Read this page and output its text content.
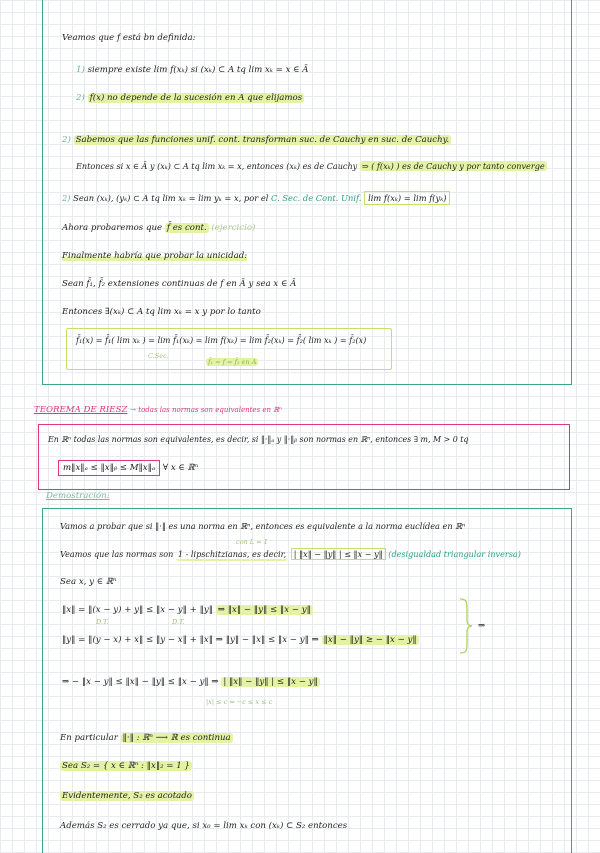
Veamos que f está bn definida:
1) siempre existe lim f(xₖ) si (xₖ) ⊂ A tq lim xₖ = x ∈ Ā
2) f(x) no depende de la sucesión en A que elijamos
2) Sabemos que las funciones unif. cont. transforman suc. de Cauchy en suc. de Cauchy.
Entonces si x ∈ Ā y (xₖ) ⊂ A tq lim xₖ = x, entonces (xₖ) es de Cauchy ⇒ ( f(xₖ) ) es de Cauchy y por tanto converge
2) Sean (xₖ), (yₖ) ⊂ A tq lim xₖ = lim yₖ = x, por el C. Sec. de Cont. Unif. lim f(xₖ) = lim f(yₖ)
Ahora probaremos que f̄ es cont. (ejercicio)
Finalmente habría que probar la unicidad:
Sean f̄₁, f̄₂ extensiones continuas de f en Ā y sea x ∈ Ā
Entonces ∃(xₖ) ⊂ A tq lim xₖ = x y por lo tanto
f̄₁(x) = f̄₁( lim xₖ ) = lim f̄₁(xₖ) = lim f(xₖ) = lim f̄₂(xₖ) = f̄₂( lim xₖ ) = f̄₂(x)
C.Sec.
f̄₁ = f = f̄₂ en A
TEOREMA DE RIESZ → todas las normas son equivalentes en ℝⁿ
En ℝⁿ todas las normas son equivalentes, es decir, si ‖·‖ₐ y ‖·‖ᵦ son normas en ℝⁿ, entonces ∃ m, M > 0 tq
m‖x‖ₐ ≤ ‖x‖ᵦ ≤ M‖x‖ₐ ∀ x ∈ ℝⁿ
Demostración:
Vamos a probar que si ‖·‖ es una norma en ℝⁿ, entonces es equivalente a la norma euclídea en ℝⁿ
con L = 1
Veamos que las normas son 1 - lipschitzianas, es decir, | ‖x‖ − ‖y‖ | ≤ ‖x − y‖ (desigualdad triangular inversa)
Sea x, y ∈ ℝⁿ
‖x‖ = ‖(x − y) + y‖ ≤ ‖x − y‖ + ‖y‖ ⇒ ‖x‖ − ‖y‖ ≤ ‖x − y‖
D.T.	D.T.
‖y‖ = ‖(y − x) + x‖ ≤ ‖y − x‖ + ‖x‖ ⇒ ‖y‖ − ‖x‖ ≤ ‖x − y‖ ⇒ ‖x‖ − ‖y‖ ≥ − ‖x − y‖
⇒
⇒ − ‖x − y‖ ≤ ‖x‖ − ‖y‖ ≤ ‖x − y‖ ⇒ | ‖x‖ − ‖y‖ | ≤ ‖x − y‖
|x| ≤ c ⇔ −c ≤ x ≤ c
En particular ‖·‖ : ℝⁿ ⟶ ℝ es continua
Sea S₂ = { x ∈ ℝⁿ : ‖x‖₂ = 1 }
Evidentemente, S₂ es acotado
Además S₂ es cerrado ya que, si x₀ = lim xₖ con (xₖ) ⊂ S₂ entonces
